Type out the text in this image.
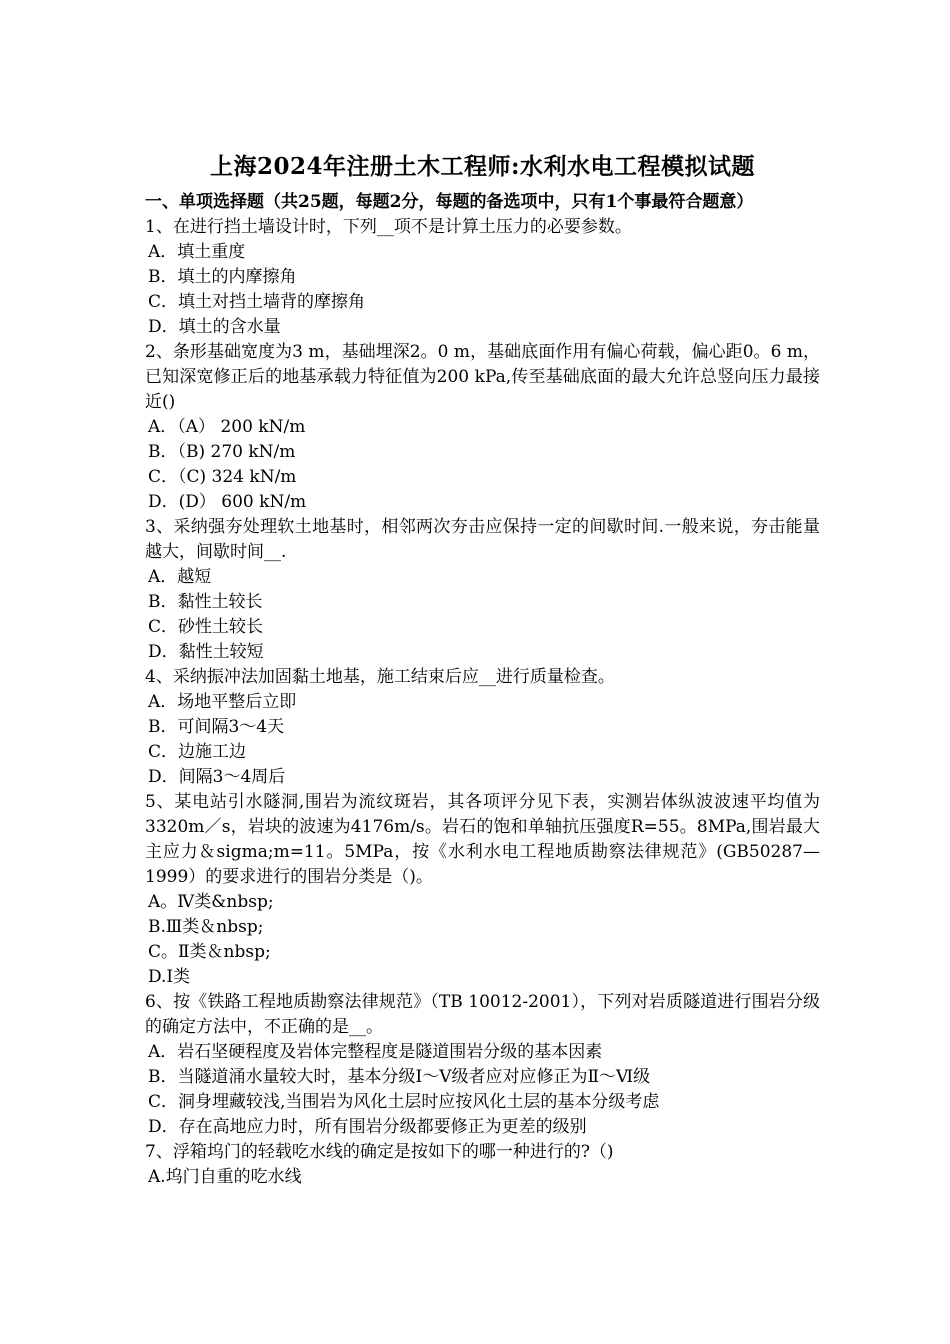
上海2024年注册土木工程师:水利水电工程模拟试题

一、单项选择题（共25题，每题2分，每题的备选项中，只有1个事最符合题意）

1、在进行挡土墙设计时，下列__项不是计算土压力的必要参数。

A．填土重度

B．填土的内摩擦角

C．填土对挡土墙背的摩擦角

D．填土的含水量

2、条形基础宽度为3 m，基础埋深2。0 m，基础底面作用有偏心荷载，偏心距0。6 m，已知深宽修正后的地基承载力特征值为200 kPa,传至基础底面的最大允许总竖向压力最接近()

A．（A） 200 kN/m

B．（B) 270 kN/m

C．（C) 324 kN/m

D．(D） 600 kN/m

3、采纳强夯处理软土地基时，相邻两次夯击应保持一定的间歇时间.一般来说，夯击能量越大，间歇时间__.

A．越短

B．黏性土较长

C．砂性土较长

D．黏性土较短

4、采纳振冲法加固黏土地基，施工结束后应__进行质量检查。

A．场地平整后立即

B．可间隔3～4天

C．边施工边

D．间隔3～4周后

5、某电站引水隧洞,围岩为流纹斑岩，其各项评分见下表，实测岩体纵波波速平均值为3320m／s，岩块的波速为4176m/s。岩石的饱和单轴抗压强度R=55。8MPa,围岩最大主应力＆sigma;m=11。5MPa，按《水利水电工程地质勘察法律规范》(GB50287—1999）的要求进行的围岩分类是（)。

A。Ⅳ类&nbsp;

B.Ⅲ类＆nbsp;

C。Ⅱ类＆nbsp;

D.Ⅰ类

6、按《铁路工程地质勘察法律规范》（TB 10012-2001），下列对岩质隧道进行围岩分级的确定方法中，不正确的是__。

A．岩石坚硬程度及岩体完整程度是隧道围岩分级的基本因素

B．当隧道涌水量较大时，基本分级Ⅰ～Ⅴ级者应对应修正为Ⅱ～Ⅵ级

C．洞身埋藏较浅,当围岩为风化土层时应按风化土层的基本分级考虑

D．存在高地应力时，所有围岩分级都要修正为更差的级别

7、浮箱坞门的轻载吃水线的确定是按如下的哪一种进行的?（)

A.坞门自重的吃水线
